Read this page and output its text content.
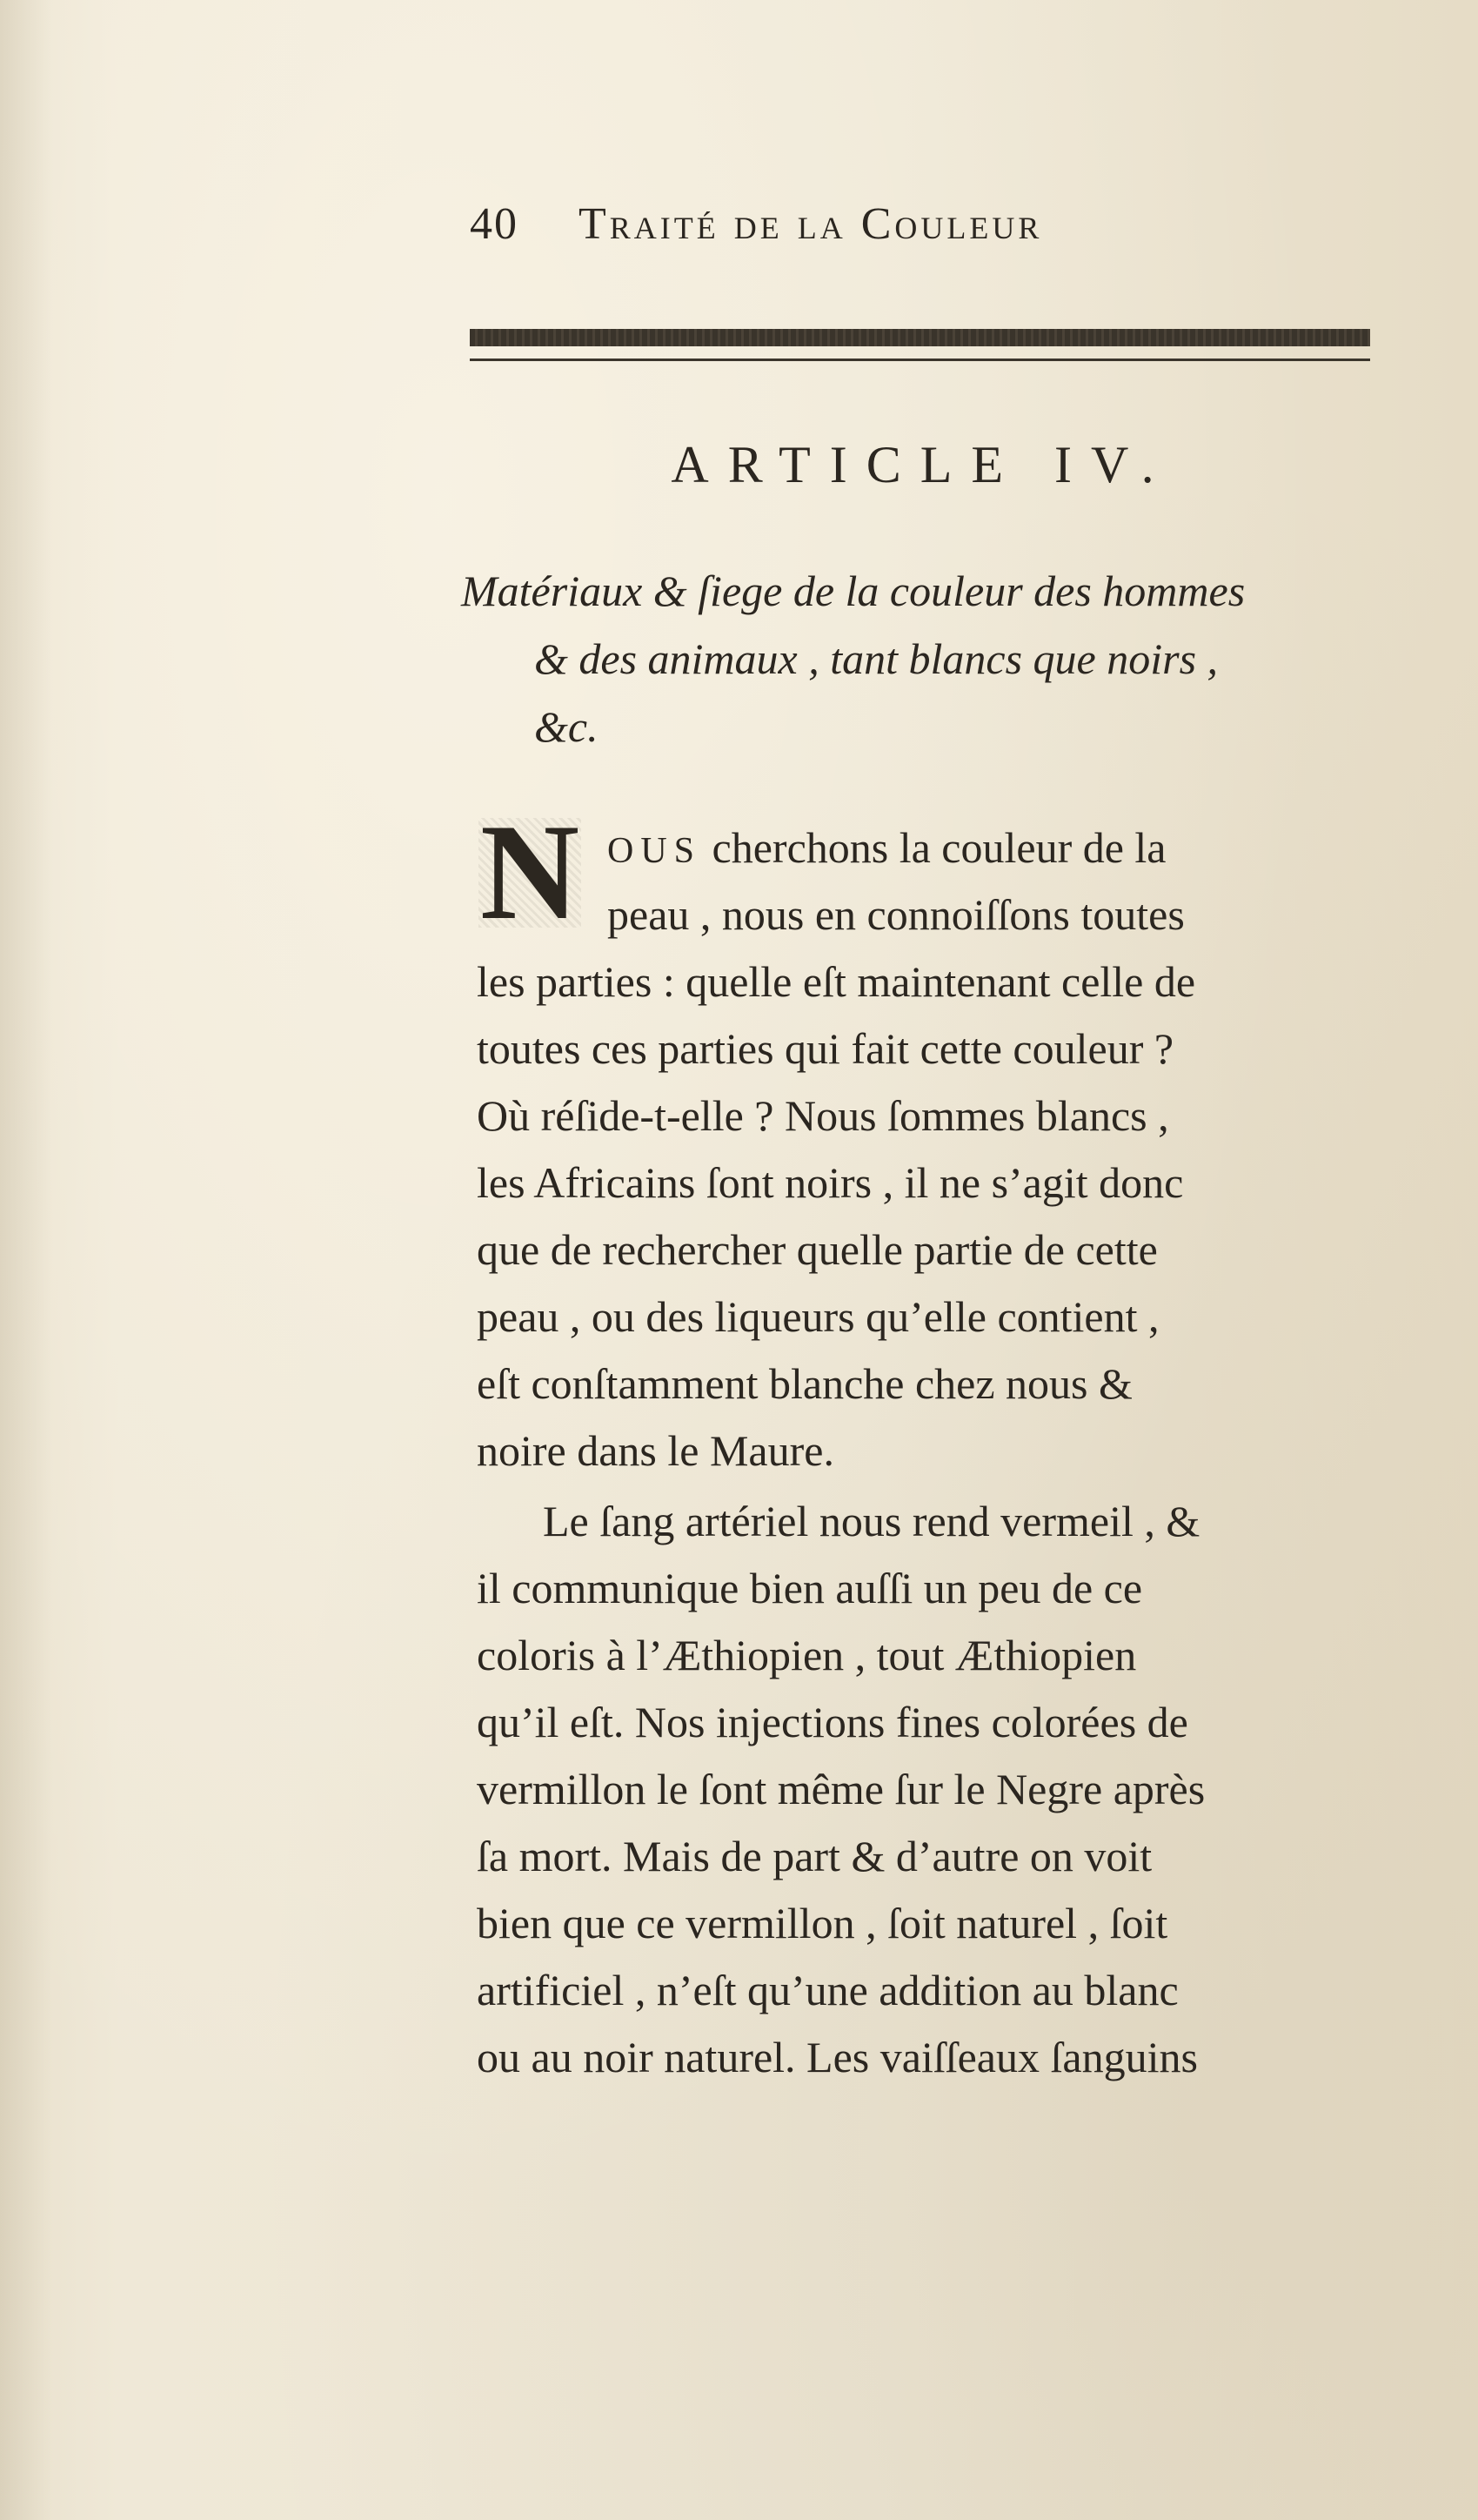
40 Traité de la Couleur
ARTICLE IV.
Matériaux & ſiege de la couleur des hommes
& des animaux , tant blancs que noirs ,
&c.
N OUS cherchons la couleur de la
peau , nous en connoiſſons toutes
les parties : quelle eſt maintenant celle de
toutes ces parties qui fait cette couleur ?
Où réſide-t-elle ? Nous ſommes blancs ,
les Africains ſont noirs , il ne s’agit donc
que de rechercher quelle partie de cette
peau , ou des liqueurs qu’elle contient ,
eſt conſtamment blanche chez nous &
noire dans le Maure.
Le ſang artériel nous rend vermeil , &
il communique bien auſſi un peu de ce
coloris à l’Æthiopien , tout Æthiopien
qu’il eſt. Nos injections fines colorées de
vermillon le ſont même ſur le Negre après
ſa mort. Mais de part & d’autre on voit
bien que ce vermillon , ſoit naturel , ſoit
artificiel , n’eſt qu’une addition au blanc
ou au noir naturel. Les vaiſſeaux ſanguins
